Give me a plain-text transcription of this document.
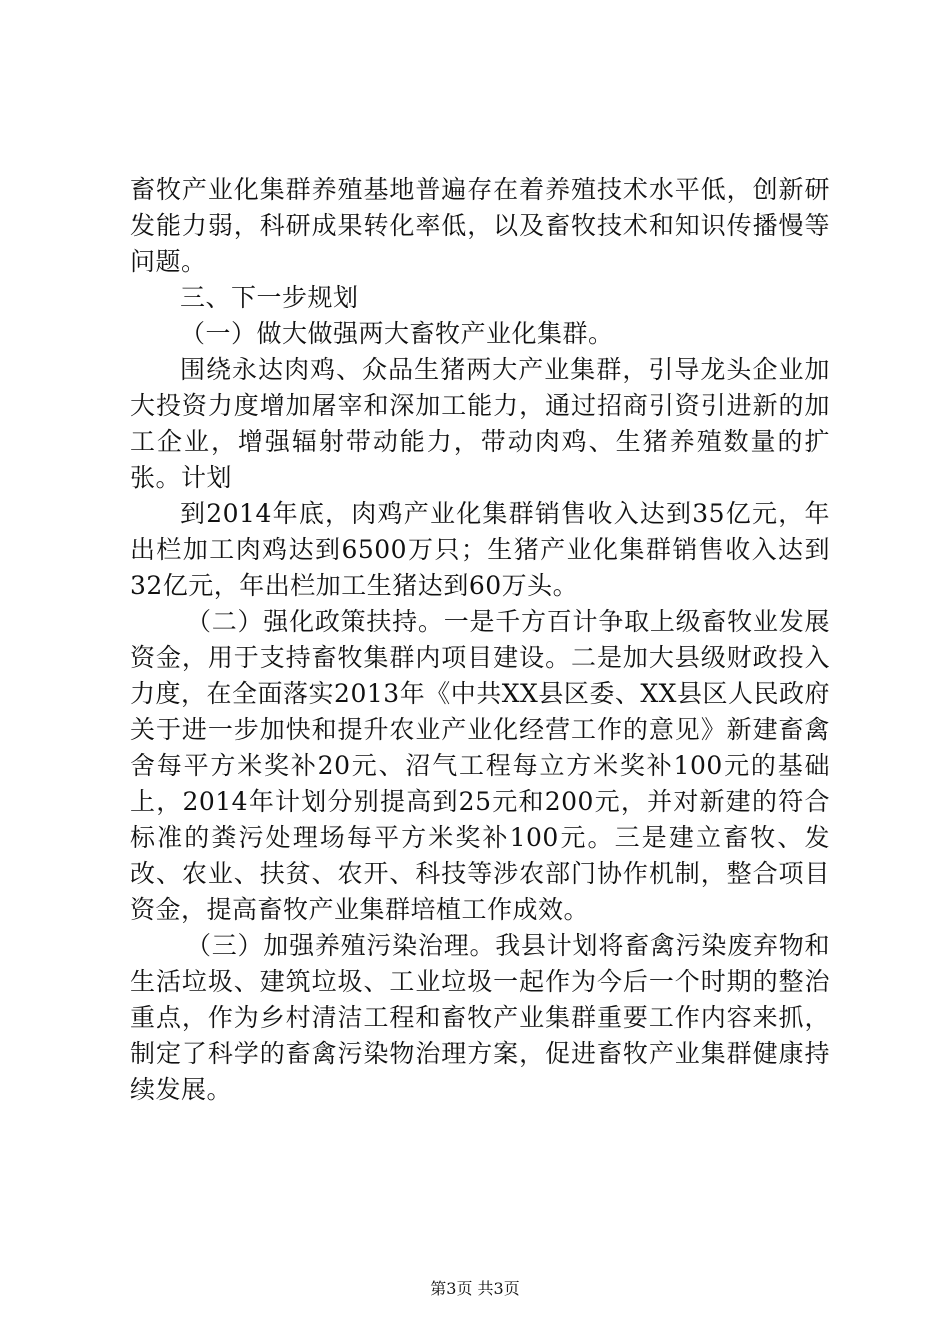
畜牧产业化集群养殖基地普遍存在着养殖技术水平低，创新研发能力弱，科研成果转化率低，以及畜牧技术和知识传播慢等问题。

三、下一步规划

（一）做大做强两大畜牧产业化集群。

围绕永达肉鸡、众品生猪两大产业集群，引导龙头企业加大投资力度增加屠宰和深加工能力，通过招商引资引进新的加工企业，增强辐射带动能力，带动肉鸡、生猪养殖数量的扩张。计划

到2014年底，肉鸡产业化集群销售收入达到35亿元，年出栏加工肉鸡达到6500万只；生猪产业化集群销售收入达到32亿元，年出栏加工生猪达到60万头。

（二）强化政策扶持。一是千方百计争取上级畜牧业发展资金，用于支持畜牧集群内项目建设。二是加大县级财政投入力度，在全面落实2013年《中共XX县区委、XX县区人民政府关于进一步加快和提升农业产业化经营工作的意见》新建畜禽舍每平方米奖补20元、沼气工程每立方米奖补100元的基础上，2014年计划分别提高到25元和200元，并对新建的符合标准的粪污处理场每平方米奖补100元。三是建立畜牧、发改、农业、扶贫、农开、科技等涉农部门协作机制，整合项目资金，提高畜牧产业集群培植工作成效。

（三）加强养殖污染治理。我县计划将畜禽污染废弃物和生活垃圾、建筑垃圾、工业垃圾一起作为今后一个时期的整治重点，作为乡村清洁工程和畜牧产业集群重要工作内容来抓，制定了科学的畜禽污染物治理方案，促进畜牧产业集群健康持续发展。

第3页 共3页
